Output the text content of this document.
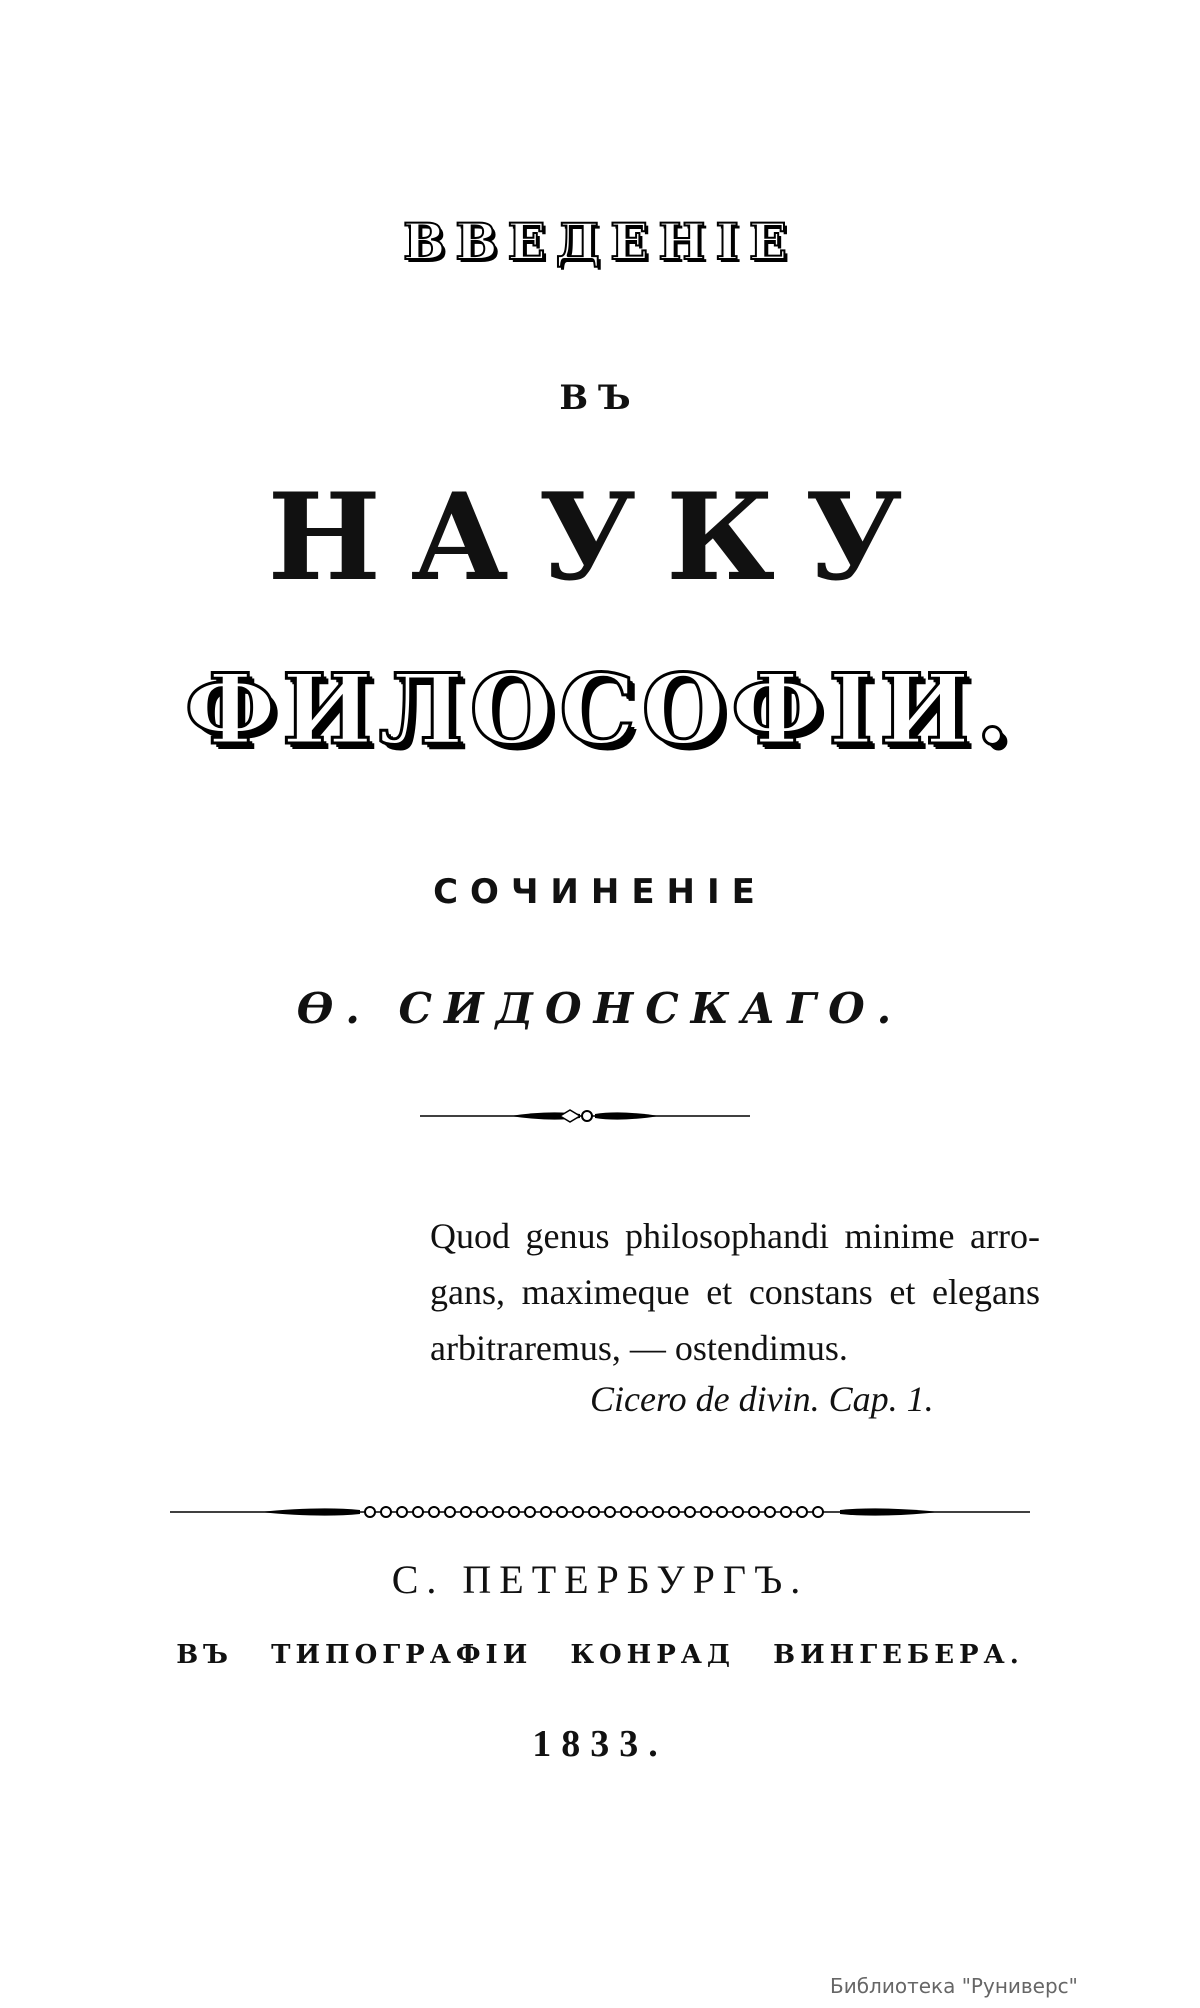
ВВЕДЕНІЕ
ВЪ
НАУКУ
ФИЛОСОФІИ.
СОЧИНЕНІЕ
Ѳ. СИДОНСКАГО.
Quod genus philosophandi minime arro-
gans, maximeque et constans et elegans
arbitraremus, — ostendimus.
Cicero de divin. Cap. 1.
С. ПЕТЕРБУРГЪ.
ВЪ ТИПОГРАФІИ КОНРАД ВИНГЕБЕРА.
1833.
Библиотека "Руниверс"
